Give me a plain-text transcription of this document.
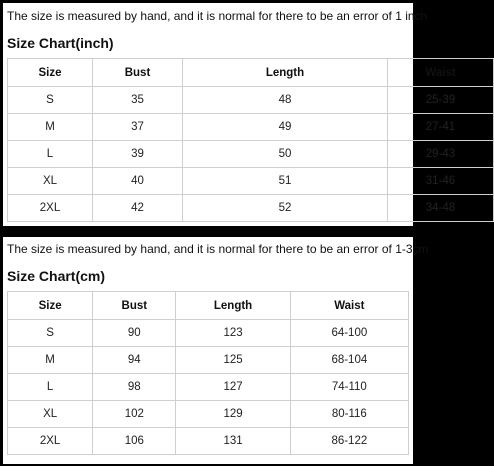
The size is measured by hand, and it is normal for there to be an error of 1 inch
Size Chart(inch)
Size	Bust	Length	Waist
S	35	48	25-39
M	37	49	27-41
L	39	50	29-43
XL	40	51	31-46
2XL	42	52	34-48
The size is measured by hand, and it is normal for there to be an error of 1-3cm
Size Chart(cm)
Size	Bust	Length	Waist
S	90	123	64-100
M	94	125	68-104
L	98	127	74-110
XL	102	129	80-116
2XL	106	131	86-122
